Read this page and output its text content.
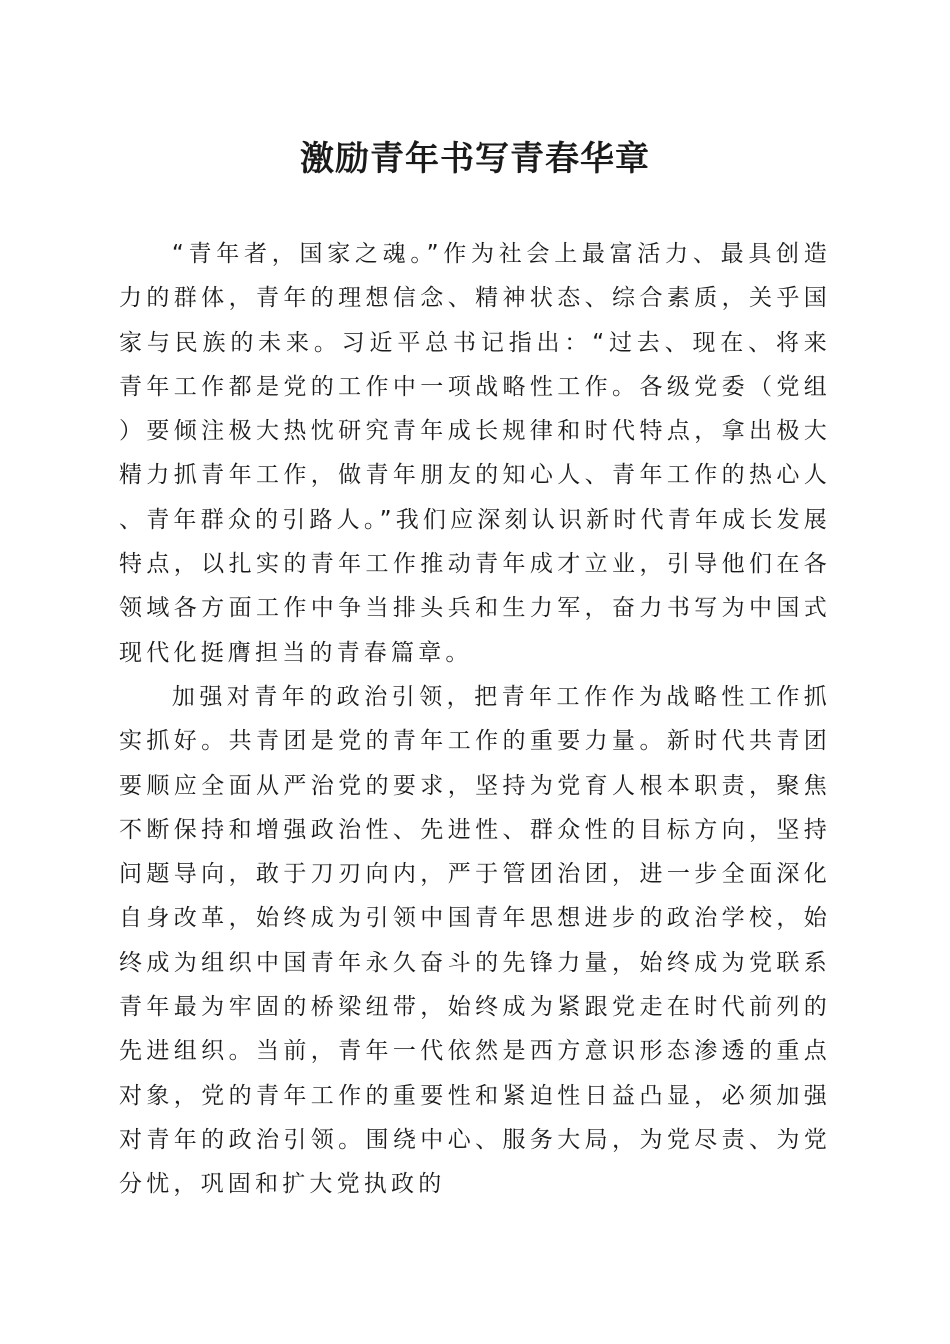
激励青年书写青春华章

“青年者，国家之魂。”作为社会上最富活力、最具创造力的群体，青年的理想信念、精神状态、综合素质，关乎国家与民族的未来。习近平总书记指出：“过去、现在、将来青年工作都是党的工作中一项战略性工作。各级党委（党组）要倾注极大热忱研究青年成长规律和时代特点，拿出极大精力抓青年工作，做青年朋友的知心人、青年工作的热心人、青年群众的引路人。”我们应深刻认识新时代青年成长发展特点，以扎实的青年工作推动青年成才立业，引导他们在各领域各方面工作中争当排头兵和生力军，奋力书写为中国式现代化挺膺担当的青春篇章。

加强对青年的政治引领，把青年工作作为战略性工作抓实抓好。共青团是党的青年工作的重要力量。新时代共青团要顺应全面从严治党的要求，坚持为党育人根本职责，聚焦不断保持和增强政治性、先进性、群众性的目标方向，坚持问题导向，敢于刀刃向内，严于管团治团，进一步全面深化自身改革，始终成为引领中国青年思想进步的政治学校，始终成为组织中国青年永久奋斗的先锋力量，始终成为党联系青年最为牢固的桥梁纽带，始终成为紧跟党走在时代前列的先进组织。当前，青年一代依然是西方意识形态渗透的重点对象，党的青年工作的重要性和紧迫性日益凸显，必须加强对青年的政治引领。围绕中心、服务大局，为党尽责、为党分忧，巩固和扩大党执政的
